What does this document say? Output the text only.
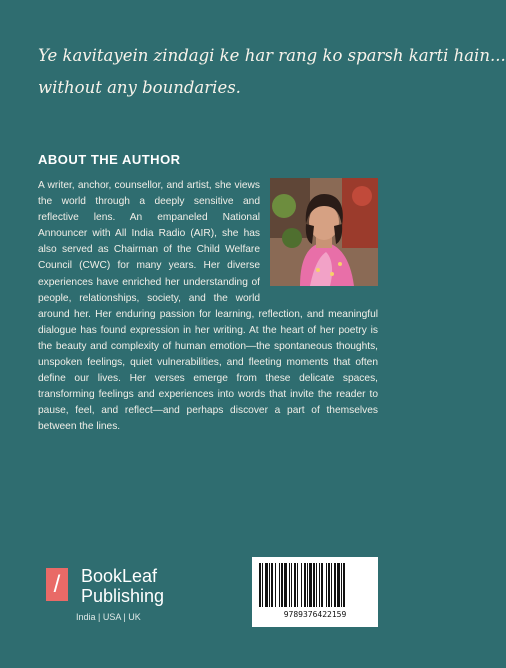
Ye kavitayein zindagi ke har rang ko sparsh karti hain...
without any boundaries.
ABOUT THE AUTHOR
A writer, anchor, counsellor, and artist, she views the world through a deeply sensitive and reflective lens. An empaneled National Announcer with All India Radio (AIR), she has also served as Chairman of the Child Welfare Council (CWC) for many years. Her diverse experiences have enriched her understanding of people, relationships, society, and the world around her. Her enduring passion for learning, reflection, and meaningful dialogue has found expression in her writing. At the heart of her poetry is the beauty and complexity of human emotion—the spontaneous thoughts, unspoken feelings, quiet vulnerabilities, and fleeting moments that often define our lives. Her verses emerge from these delicate spaces, transforming feelings and experiences into words that invite the reader to pause, feel, and reflect—and perhaps discover a part of themselves between the lines.
/	BookLeaf
Publishing
India | USA | UK	9789376422159
